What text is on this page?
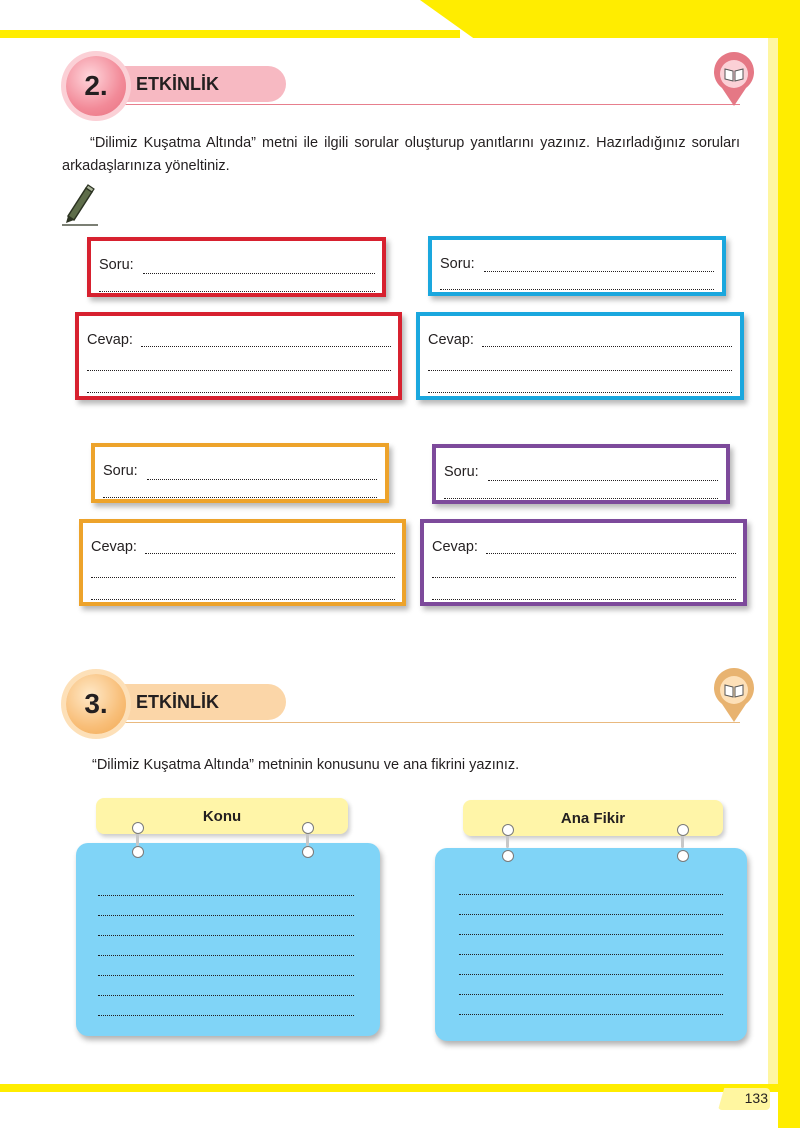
133
ETKİNLİK
2.
“Dilimiz Kuşatma Altında” metni ile ilgili sorular oluşturup yanıtlarını yazınız. Hazırladığınız soruları arkadaşlarınıza yöneltiniz.
Soru:
Cevap:
Soru:
Cevap:
Soru:
Cevap:
Soru:
Cevap:
ETKİNLİK
3.
“Dilimiz Kuşatma Altında” metninin konusunu ve ana fikrini yazınız.
Konu	Ana Fikir
